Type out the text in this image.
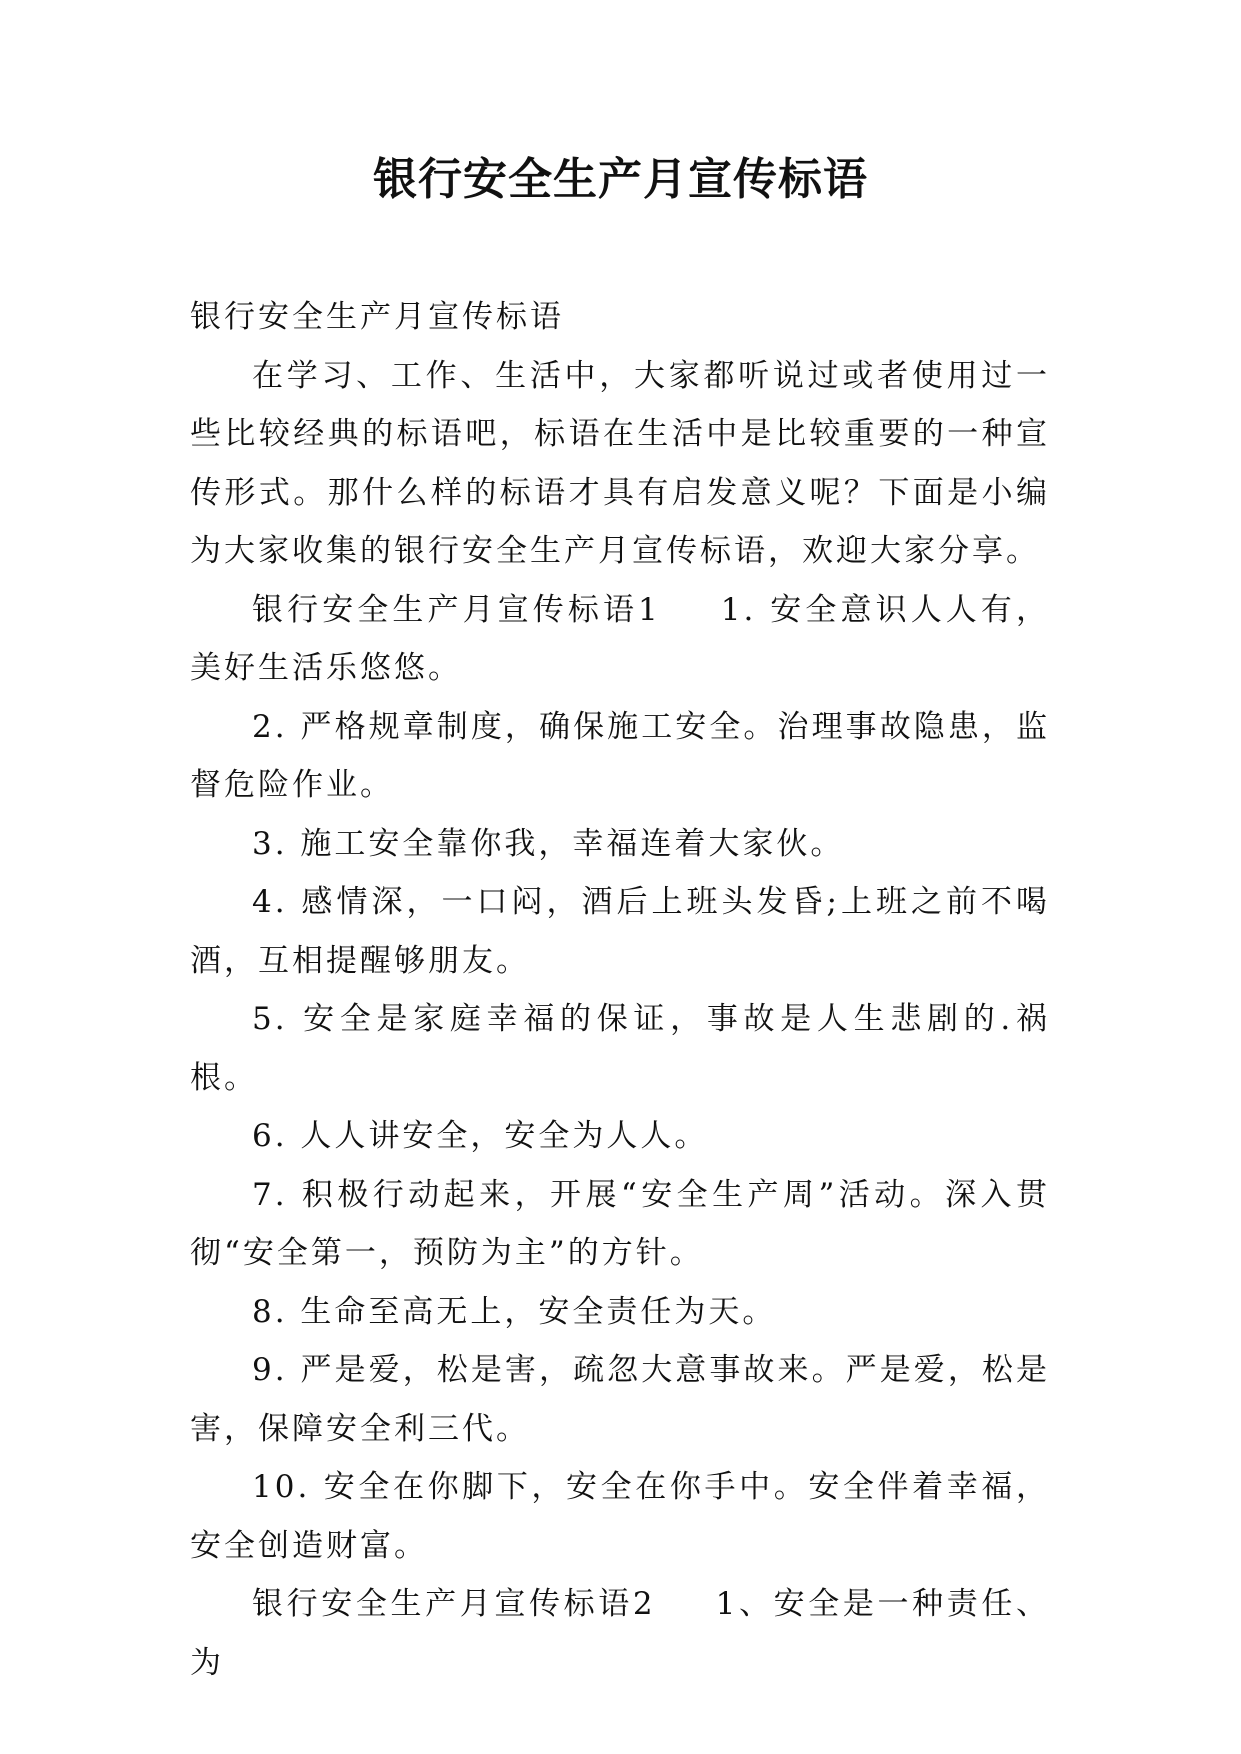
银行安全生产月宣传标语

银行安全生产月宣传标语

在学习、工作、生活中，大家都听说过或者使用过一些比较经典的标语吧，标语在生活中是比较重要的一种宣传形式。那什么样的标语才具有启发意义呢？下面是小编为大家收集的银行安全生产月宣传标语，欢迎大家分享。

银行安全生产月宣传标语1 1. 安全意识人人有，美好生活乐悠悠。

2. 严格规章制度，确保施工安全。治理事故隐患，监督危险作业。

3. 施工安全靠你我，幸福连着大家伙。

4. 感情深，一口闷，酒后上班头发昏;上班之前不喝酒，互相提醒够朋友。

5. 安全是家庭幸福的保证，事故是人生悲剧的.祸根。

6. 人人讲安全，安全为人人。

7. 积极行动起来，开展“安全生产周”活动。深入贯彻“安全第一，预防为主”的方针。

8. 生命至高无上，安全责任为天。

9. 严是爱，松是害，疏忽大意事故来。严是爱，松是害，保障安全利三代。

10. 安全在你脚下，安全在你手中。安全伴着幸福，安全创造财富。

银行安全生产月宣传标语2 1、安全是一种责任、为
